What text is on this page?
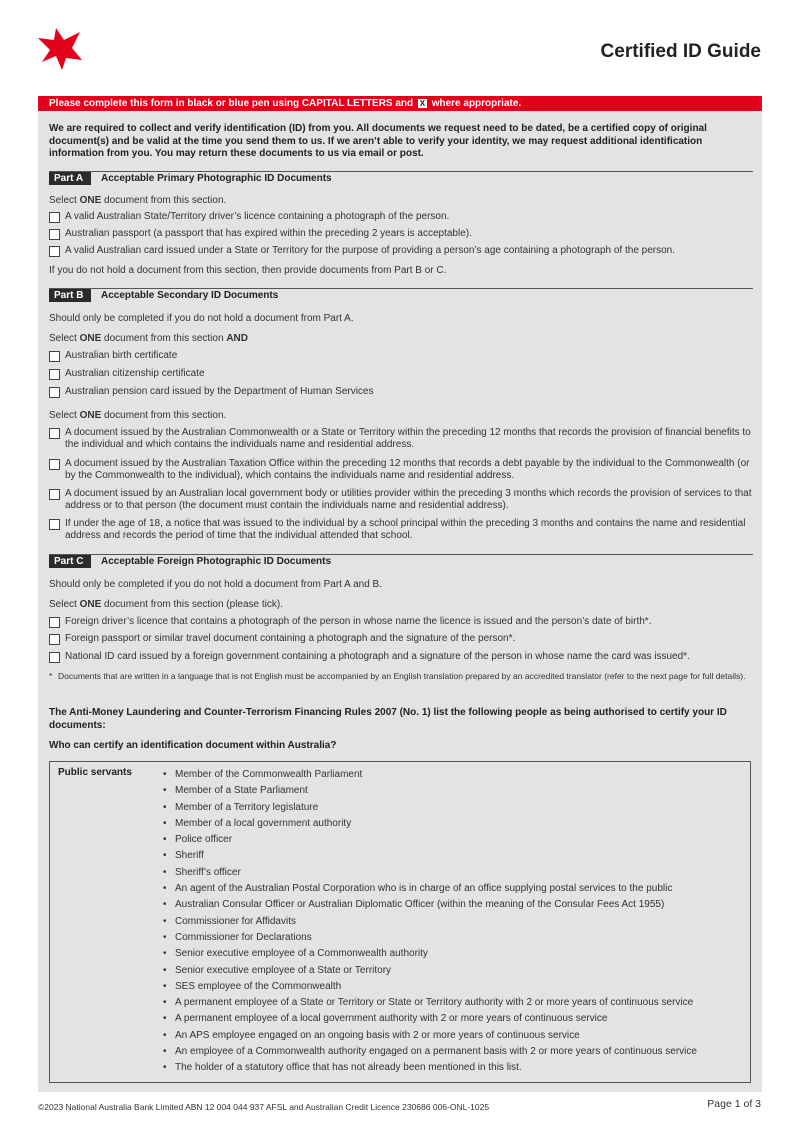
Certified ID Guide
Please complete this form in black or blue pen using CAPITAL LETTERS and X where appropriate.
We are required to collect and verify identification (ID) from you. All documents we request need to be dated, be a certified copy of original document(s) and be valid at the time you send them to us. If we aren’t able to verify your identity, we may request additional identification information from you. You may return these documents to us via email or post.
Part A	Acceptable Primary Photographic ID Documents
Select ONE document from this section.
A valid Australian State/Territory driver’s licence containing a photograph of the person.
Australian passport (a passport that has expired within the preceding 2 years is acceptable).
A valid Australian card issued under a State or Territory for the purpose of providing a person’s age containing a photograph of the person.
If you do not hold a document from this section, then provide documents from Part B or C.
Part B	Acceptable Secondary ID Documents
Should only be completed if you do not hold a document from Part A.
Select ONE document from this section AND
Australian birth certificate
Australian citizenship certificate
Australian pension card issued by the Department of Human Services
Select ONE document from this section.
A document issued by the Australian Commonwealth or a State or Territory within the preceding 12 months that records the provision of financial benefits to the individual and which contains the individuals name and residential address.
A document issued by the Australian Taxation Office within the preceding 12 months that records a debt payable by the individual to the Commonwealth (or by the Commonwealth to the individual), which contains the individuals name and residential address.
A document issued by an Australian local government body or utilities provider within the preceding 3 months which records the provision of services to that address or to that person (the document must contain the individuals name and residential address).
If under the age of 18, a notice that was issued to the individual by a school principal within the preceding 3 months and contains the name and residential address and records the period of time that the individual attended that school.
Part C	Acceptable Foreign Photographic ID Documents
Should only be completed if you do not hold a document from Part A and B.
Select ONE document from this section (please tick).
Foreign driver’s licence that contains a photograph of the person in whose name the licence is issued and the person’s date of birth*.
Foreign passport or similar travel document containing a photograph and the signature of the person*.
National ID card issued by a foreign government containing a photograph and a signature of the person in whose name the card was issued*.
* Documents that are written in a language that is not English must be accompanied by an English translation prepared by an accredited translator (refer to the next page for full details).
The Anti-Money Laundering and Counter-Terrorism Financing Rules 2007 (No. 1) list the following people as being authorised to certify your ID documents:
Who can certify an identification document within Australia?
Public servants
•	Member of the Commonwealth Parliament
• Member of a State Parliament
• Member of a Territory legislature
• Member of a local government authority
• Police officer
• Sheriff
• Sheriff’s officer
• An agent of the Australian Postal Corporation who is in charge of an office supplying postal services to the public
• Australian Consular Officer or Australian Diplomatic Officer (within the meaning of the Consular Fees Act 1955)
• Commissioner for Affidavits
• Commissioner for Declarations
• Senior executive employee of a Commonwealth authority
• Senior executive employee of a State or Territory
• SES employee of the Commonwealth
• A permanent employee of a State or Territory or State or Territory authority with 2 or more years of continuous service
• A permanent employee of a local government authority with 2 or more years of continuous service
• An APS employee engaged on an ongoing basis with 2 or more years of continuous service
• An employee of a Commonwealth authority engaged on a permanent basis with 2 or more years of continuous service
• The holder of a statutory office that has not already been mentioned in this list.
©2023 National Australia Bank Limited ABN 12 004 044 937 AFSL and Australian Credit Licence 230686 006-ONL-1025	Page 1 of 3
